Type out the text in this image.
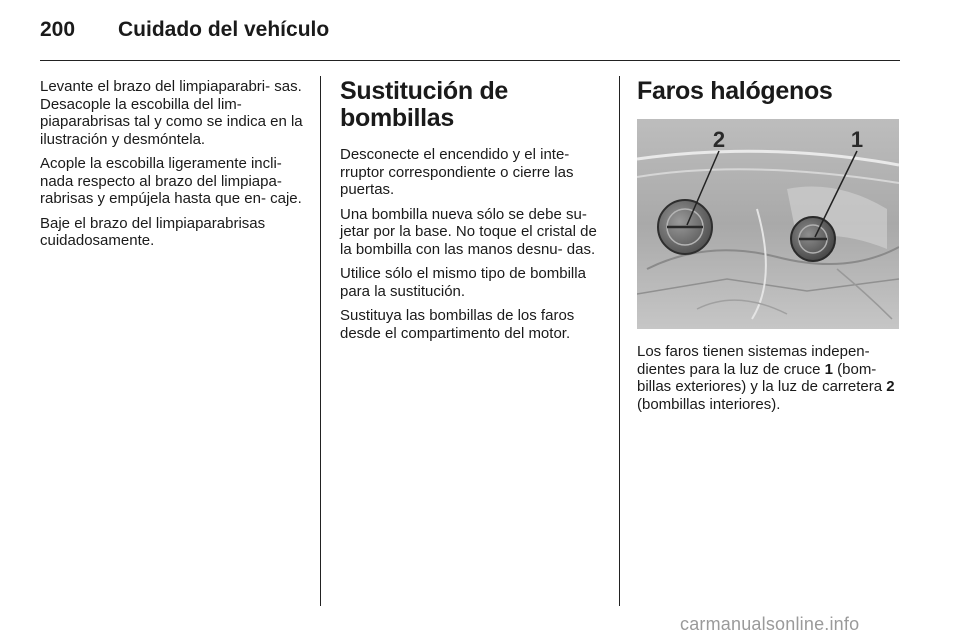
200 Cuidado del vehículo

Levante el brazo del limpiaparabri- sas. Desacople la escobilla del lim- piaparabrisas tal y como se indica en la ilustración y desmóntela.

Acople la escobilla ligeramente incli- nada respecto al brazo del limpiapa- rabrisas y empújela hasta que en- caje.

Baje el brazo del limpiaparabrisas cuidadosamente.

Sustitución de bombillas

Desconecte el encendido y el inte- rruptor correspondiente o cierre las puertas.

Una bombilla nueva sólo se debe su- jetar por la base. No toque el cristal de la bombilla con las manos desnu- das.

Utilice sólo el mismo tipo de bombilla para la sustitución.

Sustituya las bombillas de los faros desde el compartimento del motor.

Faros halógenos
2	1

Los faros tienen sistemas indepen- dientes para la luz de cruce 1 (bom- billas exteriores) y la luz de carretera 2 (bombillas interiores).

carmanualsonline.info
